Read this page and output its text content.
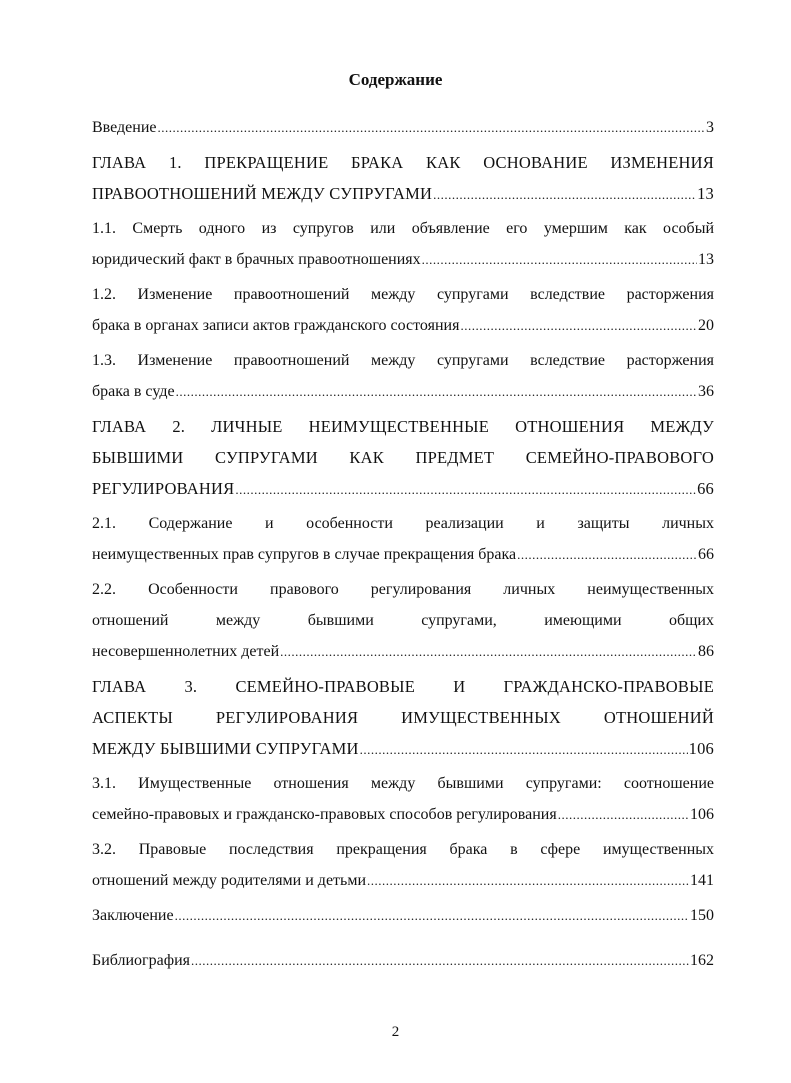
Содержание
Введение .....	3
ГЛАВА 1. ПРЕКРАЩЕНИЕ БРАКА КАК ОСНОВАНИЕ ИЗМЕНЕНИЯ
ПРАВООТНОШЕНИЙ МЕЖДУ СУПРУГАМИ .....	13
1.1. Смерть одного из супругов или объявление его умершим как особый
юридический факт в брачных правоотношениях .....	13
1.2. Изменение правоотношений между супругами вследствие расторжения
брака в органах записи актов гражданского состояния .....	20
1.3. Изменение правоотношений между супругами вследствие расторжения
брака в суде .....	36
ГЛАВА 2. ЛИЧНЫЕ НЕИМУЩЕСТВЕННЫЕ ОТНОШЕНИЯ МЕЖДУ
БЫВШИМИ СУПРУГАМИ КАК ПРЕДМЕТ СЕМЕЙНО-ПРАВОВОГО
РЕГУЛИРОВАНИЯ .....	66
2.1. Содержание и особенности реализации и защиты личных
неимущественных прав супругов в случае прекращения брака .....	66
2.2. Особенности правового регулирования личных неимущественных
отношений между бывшими супругами, имеющими общих
несовершеннолетних детей .....	86
ГЛАВА 3. СЕМЕЙНО-ПРАВОВЫЕ И ГРАЖДАНСКО-ПРАВОВЫЕ
АСПЕКТЫ РЕГУЛИРОВАНИЯ ИМУЩЕСТВЕННЫХ ОТНОШЕНИЙ
МЕЖДУ БЫВШИМИ СУПРУГАМИ .....	106
3.1. Имущественные отношения между бывшими супругами: соотношение
семейно-правовых и гражданско-правовых способов регулирования .....	106
3.2. Правовые последствия прекращения брака в сфере имущественных
отношений между родителями и детьми .....	141
Заключение .....	150
Библиография .....	162
2
